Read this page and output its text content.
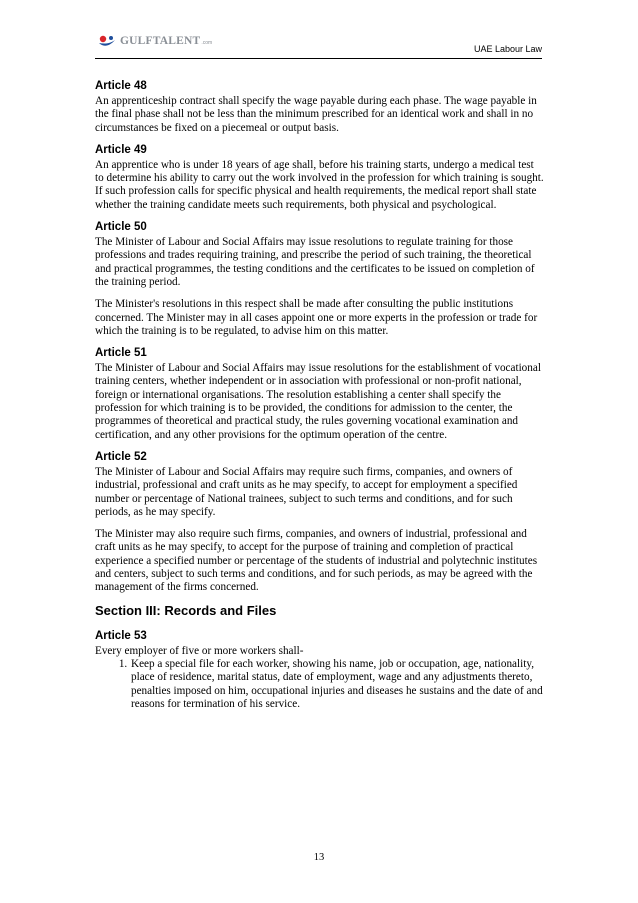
GULFTALENT .com
UAE Labour Law
Article 48

An apprenticeship contract shall specify the wage payable during each phase. The wage payable in the final phase shall not be less than the minimum prescribed for an identical work and shall in no circumstances be fixed on a piecemeal or output basis.

Article 49

An apprentice who is under 18 years of age shall, before his training starts, undergo a medical test to determine his ability to carry out the work involved in the profession for which training is sought. If such profession calls for specific physical and health requirements, the medical report shall state whether the training candidate meets such requirements, both physical and psychological.

Article 50

The Minister of Labour and Social Affairs may issue resolutions to regulate training for those professions and trades requiring training, and prescribe the period of such training, the theoretical and practical programmes, the testing conditions and the certificates to be issued on completion of the training period.

The Minister's resolutions in this respect shall be made after consulting the public institutions concerned. The Minister may in all cases appoint one or more experts in the profession or trade for which the training is to be regulated, to advise him on this matter.

Article 51

The Minister of Labour and Social Affairs may issue resolutions for the establishment of vocational training centers, whether independent or in association with professional or non-profit national, foreign or international organisations. The resolution establishing a center shall specify the profession for which training is to be provided, the conditions for admission to the center, the programmes of theoretical and practical study, the rules governing vocational examination and certification, and any other provisions for the optimum operation of the centre.

Article 52

The Minister of Labour and Social Affairs may require such firms, companies, and owners of industrial, professional and craft units as he may specify, to accept for employment a specified number or percentage of National trainees, subject to such terms and conditions, and for such periods, as he may specify.

The Minister may also require such firms, companies, and owners of industrial, professional and craft units as he may specify, to accept for the purpose of training and completion of practical experience a specified number or percentage of the students of industrial and polytechnic institutes and centers, subject to such terms and conditions, and for such periods, as may be agreed with the management of the firms concerned.

Section III: Records and Files
Article 53

Every employer of five or more workers shall-

1. Keep a special file for each worker, showing his name, job or occupation, age, nationality, place of residence, marital status, date of employment, wage and any adjustments thereto, penalties imposed on him, occupational injuries and diseases he sustains and the date of and reasons for termination of his service.
13
